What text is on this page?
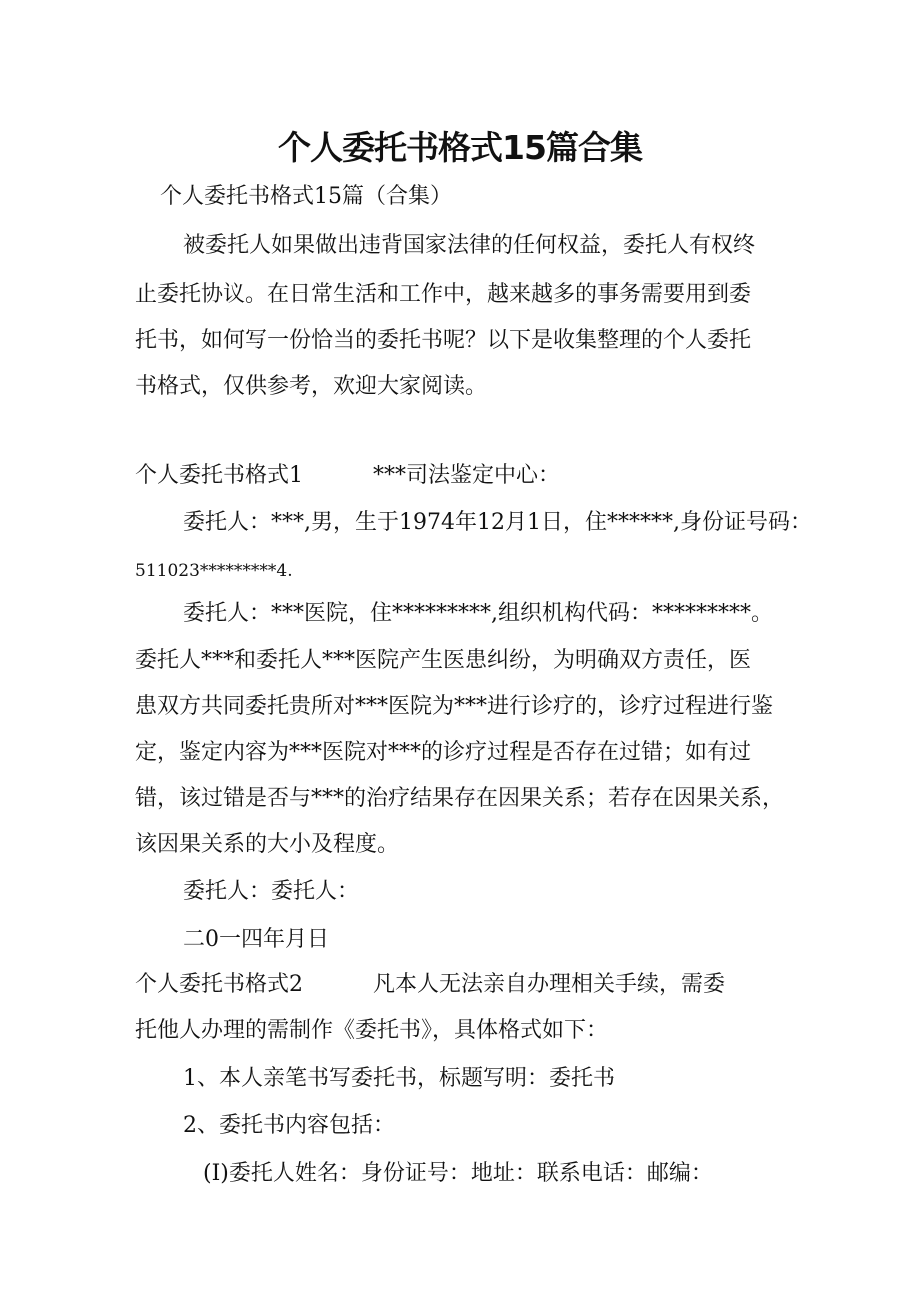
个人委托书格式15篇合集

个人委托书格式15篇（合集）

被委托人如果做出违背国家法律的任何权益，委托人有权终

止委托协议。在日常生活和工作中，越来越多的事务需要用到委

托书，如何写一份恰当的委托书呢？以下是收集整理的个人委托

书格式，仅供参考，欢迎大家阅读。

个人委托书格式1	***司法鉴定中心：

委托人：***,男，生于1974年12月1日，住******,身份证号码：

511023*********4.

委托人：***医院，住*********,组织机构代码：*********。

委托人***和委托人***医院产生医患纠纷，为明确双方责任，医

患双方共同委托贵所对***医院为***进行诊疗的，诊疗过程进行鉴

定，鉴定内容为***医院对***的诊疗过程是否存在过错；如有过

错，该过错是否与***的治疗结果存在因果关系；若存在因果关系，

该因果关系的大小及程度。

委托人：委托人：

二0一四年月日

个人委托书格式2	凡本人无法亲自办理相关手续，需委

托他人办理的需制作《委托书》，具体格式如下：

1、本人亲笔书写委托书，标题写明：委托书

2、委托书内容包括：

(I)委托人姓名：身份证号：地址：联系电话：邮编：
